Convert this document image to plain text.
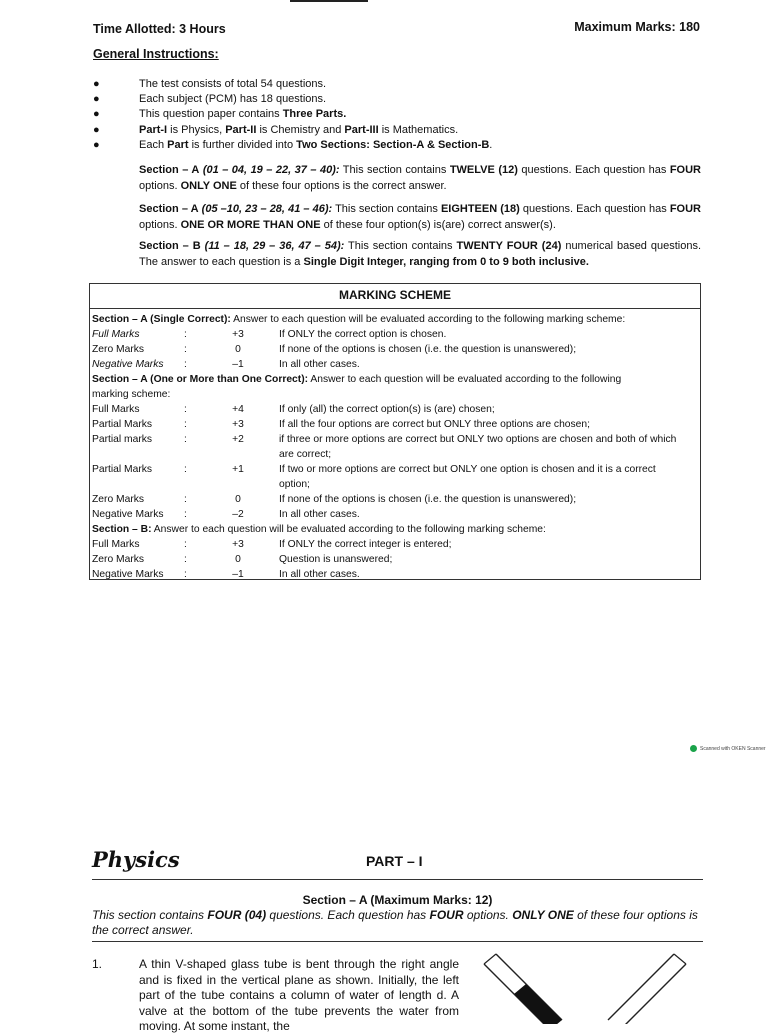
Time Allotted: 3 Hours	Maximum Marks: 180
General Instructions:
●	The test consists of total 54 questions.
●	Each subject (PCM) has 18 questions.
●	This question paper contains Three Parts.
●	Part-I is Physics, Part-II is Chemistry and Part-III is Mathematics.
●	Each Part is further divided into Two Sections: Section-A & Section-B.
Section – A (01 – 04, 19 – 22, 37 – 40): This section contains TWELVE (12) questions. Each question has FOUR options. ONLY ONE of these four options is the correct answer.
Section – A (05 –10, 23 – 28, 41 – 46): This section contains EIGHTEEN (18) questions. Each question has FOUR options. ONE OR MORE THAN ONE of these four option(s) is(are) correct answer(s).
Section – B (11 – 18, 29 – 36, 47 – 54): This section contains TWENTY FOUR (24) numerical based questions. The answer to each question is a Single Digit Integer, ranging from 0 to 9 both inclusive.
MARKING SCHEME
Section – A (Single Correct): Answer to each question will be evaluated according to the following marking scheme:
Full Marks	:	+3	If ONLY the correct option is chosen.
Zero Marks	:	0	If none of the options is chosen (i.e. the question is unanswered);
Negative Marks :	–1	In all other cases.
Section – A (One or More than One Correct): Answer to each question will be evaluated according to the following
marking scheme:
Full Marks	:	+4	If only (all) the correct option(s) is (are) chosen;
Partial Marks	:	+3	If all the four options are correct but ONLY three options are chosen;
Partial marks	:	+2	if three or more options are correct but ONLY two options are chosen and both of which are correct;
Partial Marks	:	+1	If two or more options are correct but ONLY one option is chosen and it is a correct option;
Zero Marks	:	0	If none of the options is chosen (i.e. the question is unanswered);
Negative Marks :	–2	In all other cases.
Section – B: Answer to each question will be evaluated according to the following marking scheme:
Full Marks	:	+3	If ONLY the correct integer is entered;
Zero Marks	:	0	Question is unanswered;
Negative Marks :	–1	In all other cases.
Scanned with OKEN Scanner
Physics	PART – I
Section – A (Maximum Marks: 12)
This section contains FOUR (04) questions. Each question has FOUR options. ONLY ONE of these four options is the correct answer.
1.	A thin V-shaped glass tube is bent through the right angle and is fixed in the vertical plane as shown. Initially, the left part of the tube contains a column of water of length d. A valve at the bottom of the tube prevents the water from moving. At some instant, the
